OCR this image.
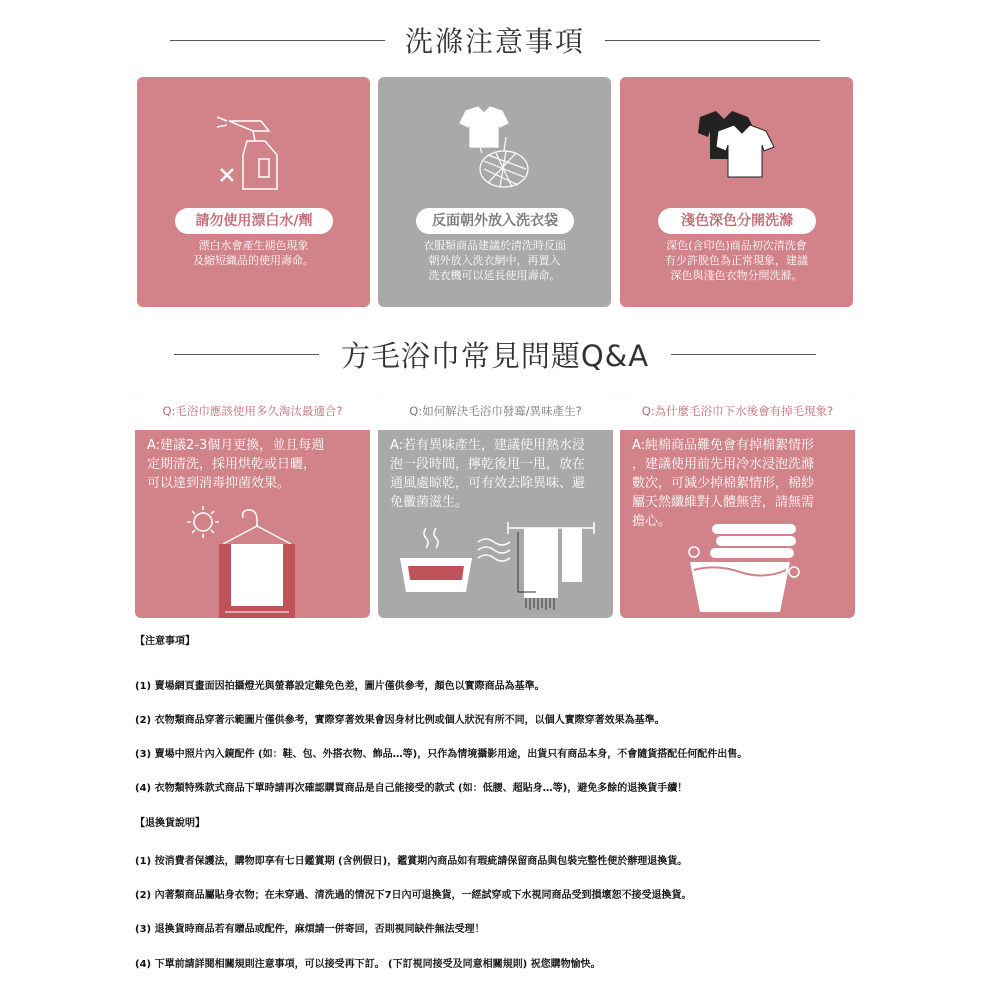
洗滌注意事項
請勿使用漂白水/劑
漂白水會產生褪色現象
及縮短織品的使用壽命。
反面朝外放入洗衣袋
衣服類商品建議於清洗時反面
朝外放入洗衣網中，再置入
洗衣機可以延長使用壽命。
淺色深色分開洗滌
深色(含印色)商品初次清洗會
有少許脫色為正常現象，建議
深色與淺色衣物分開洗滌。
方毛浴巾常見問題Q&A
Q:毛浴巾應該使用多久淘汰最適合?
A:建議2-3個月更換，並且每週
定期清洗，採用烘乾或日曬，
可以達到消毒抑菌效果。
Q:如何解決毛浴巾發霉/異味產生?
A:若有異味產生，建議使用熱水浸
泡一段時間，擰乾後甩一甩，放在
通風處晾乾，可有效去除異味、避
免黴菌滋生。
Q:為什麼毛浴巾下水後會有掉毛現象?
A:純棉商品難免會有掉棉絮情形
，建議使用前先用冷水浸泡洗滌
數次，可減少掉棉絮情形，棉紗
屬天然纖維對人體無害，請無需
擔心。
【注意事項】
(1) 賣場網頁畫面因拍攝燈光與螢幕設定難免色差，圖片僅供參考，顏色以實際商品為基準。
(2) 衣物類商品穿著示範圖片僅供參考，實際穿著效果會因身材比例或個人狀況有所不同，以個人實際穿著效果為基準。
(3) 賣場中照片內入鏡配件 (如：鞋、包、外搭衣物、飾品…等)，只作為情境攝影用途，出貨只有商品本身，不會隨貨搭配任何配件出售。
(4) 衣物類特殊款式商品下單時請再次確認購買商品是自己能接受的款式 (如：低腰、超貼身…等)，避免多餘的退換貨手續！
【退換貨說明】
(1) 按消費者保護法，購物即享有七日鑑賞期 (含例假日)，鑑賞期內商品如有瑕疵請保留商品與包裝完整性便於辦理退換貨。
(2) 內著類商品屬貼身衣物；在未穿過、清洗過的情況下7日內可退換貨，一經試穿或下水視同商品受到損壞恕不接受退換貨。
(3) 退換貨時商品若有贈品或配件，麻煩請一併寄回，否則視同缺件無法受理！
(4) 下單前請詳閱相關規則注意事項，可以接受再下訂。 (下訂視同接受及同意相關規則) 祝您購物愉快。
